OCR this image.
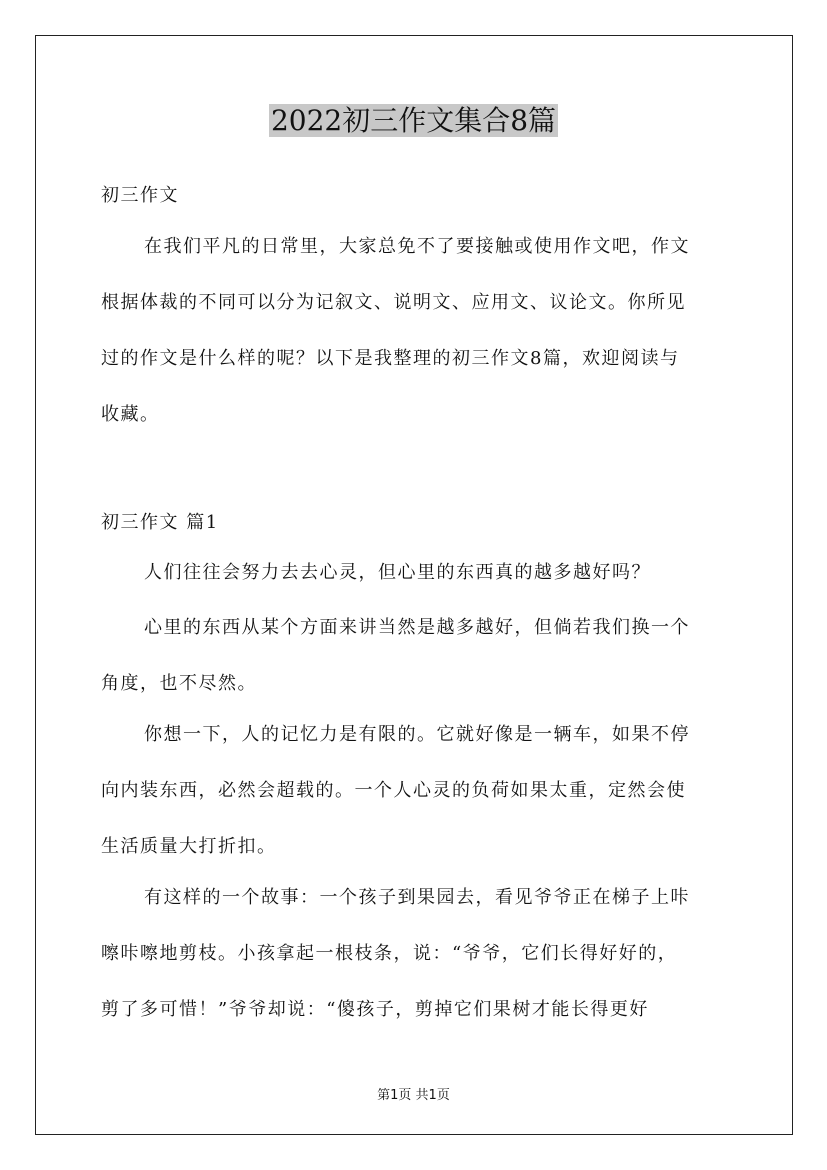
2022初三作文集合8篇
初三作文
在我们平凡的日常里，大家总免不了要接触或使用作文吧，作文
根据体裁的不同可以分为记叙文、说明文、应用文、议论文。你所见
过的作文是什么样的呢？以下是我整理的初三作文8篇，欢迎阅读与
收藏。
初三作文 篇1
人们往往会努力去去心灵，但心里的东西真的越多越好吗？
心里的东西从某个方面来讲当然是越多越好，但倘若我们换一个
角度，也不尽然。
你想一下，人的记忆力是有限的。它就好像是一辆车，如果不停
向内装东西，必然会超载的。一个人心灵的负荷如果太重，定然会使
生活质量大打折扣。
有这样的一个故事：一个孩子到果园去，看见爷爷正在梯子上咔
嚓咔嚓地剪枝。小孩拿起一根枝条，说：“爷爷，它们长得好好的，
剪了多可惜！”爷爷却说：“傻孩子，剪掉它们果树才能长得更好
第1页 共1页
